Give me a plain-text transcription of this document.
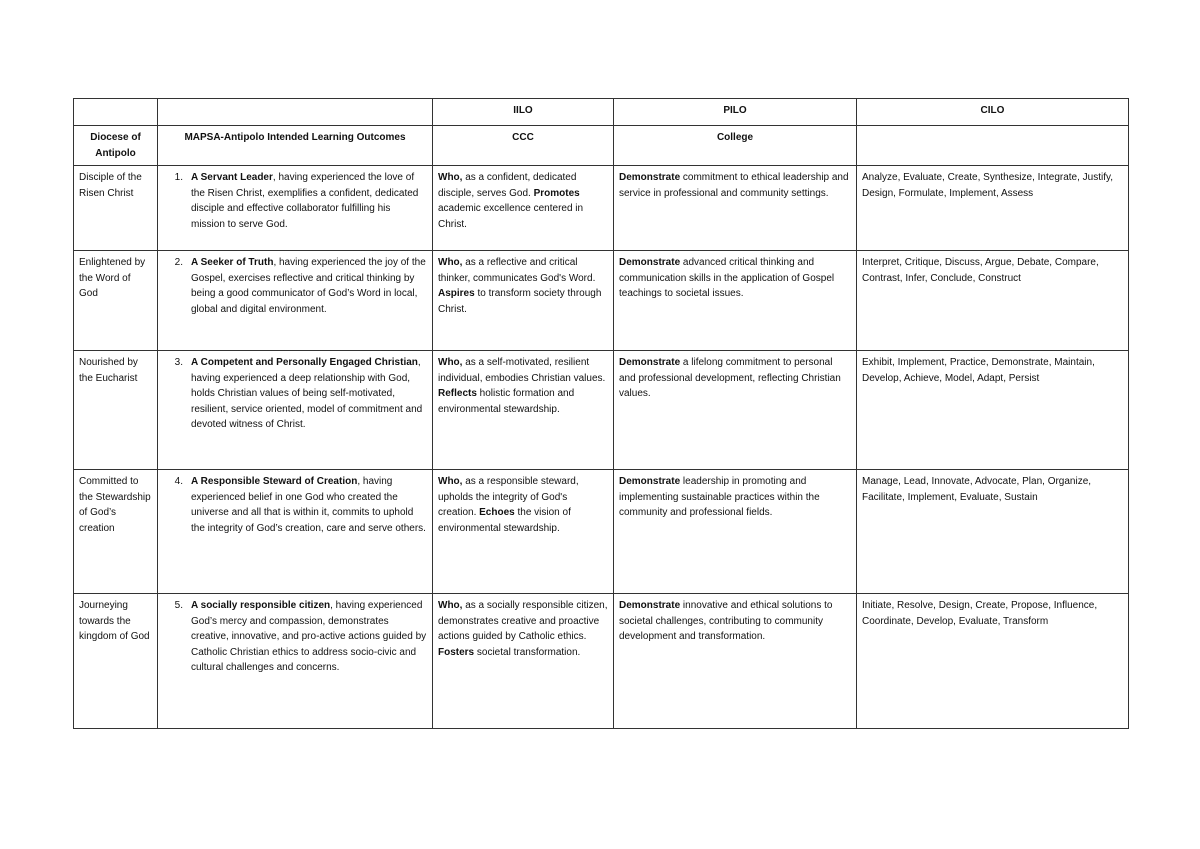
		IILO	PILO	CILO
Diocese of Antipolo	MAPSA-Antipolo Intended Learning Outcomes	CCC	College	
Disciple of the Risen Christ	1. A Servant Leader, having experienced the love of the Risen Christ, exemplifies a confident, dedicated disciple and effective collaborator fulfilling his mission to serve God.	Who, as a confident, dedicated disciple, serves God. Promotes academic excellence centered in Christ.	Demonstrate commitment to ethical leadership and service in professional and community settings.	Analyze, Evaluate, Create, Synthesize, Integrate, Justify, Design, Formulate, Implement, Assess
Enlightened by the Word of God	2. A Seeker of Truth, having experienced the joy of the Gospel, exercises reflective and critical thinking by being a good communicator of God’s Word in local, global and digital environment.	Who, as a reflective and critical thinker, communicates God's Word. Aspires to transform society through Christ.	Demonstrate advanced critical thinking and communication skills in the application of Gospel teachings to societal issues.	Interpret, Critique, Discuss, Argue, Debate, Compare, Contrast, Infer, Conclude, Construct
Nourished by the Eucharist	3. A Competent and Personally Engaged Christian, having experienced a deep relationship with God, holds Christian values of being self-motivated, resilient, service oriented, model of commitment and devoted witness of Christ.	Who, as a self-motivated, resilient individual, embodies Christian values. Reflects holistic formation and environmental stewardship.	Demonstrate a lifelong commitment to personal and professional development, reflecting Christian values.	Exhibit, Implement, Practice, Demonstrate, Maintain, Develop, Achieve, Model, Adapt, Persist
Committed to the Stewardship of God’s creation	4. A Responsible Steward of Creation, having experienced belief in one God who created the universe and all that is within it, commits to uphold the integrity of God’s creation, care and serve others.	Who, as a responsible steward, upholds the integrity of God's creation. Echoes the vision of environmental stewardship.	Demonstrate leadership in promoting and implementing sustainable practices within the community and professional fields.	Manage, Lead, Innovate, Advocate, Plan, Organize, Facilitate, Implement, Evaluate, Sustain
Journeying towards the kingdom of God	5. A socially responsible citizen, having experienced God’s mercy and compassion, demonstrates creative, innovative, and pro-active actions guided by Catholic Christian ethics to address socio-civic and cultural challenges and concerns.	Who, as a socially responsible citizen, demonstrates creative and proactive actions guided by Catholic ethics. Fosters societal transformation.	Demonstrate innovative and ethical solutions to societal challenges, contributing to community development and transformation.	Initiate, Resolve, Design, Create, Propose, Influence, Coordinate, Develop, Evaluate, Transform
